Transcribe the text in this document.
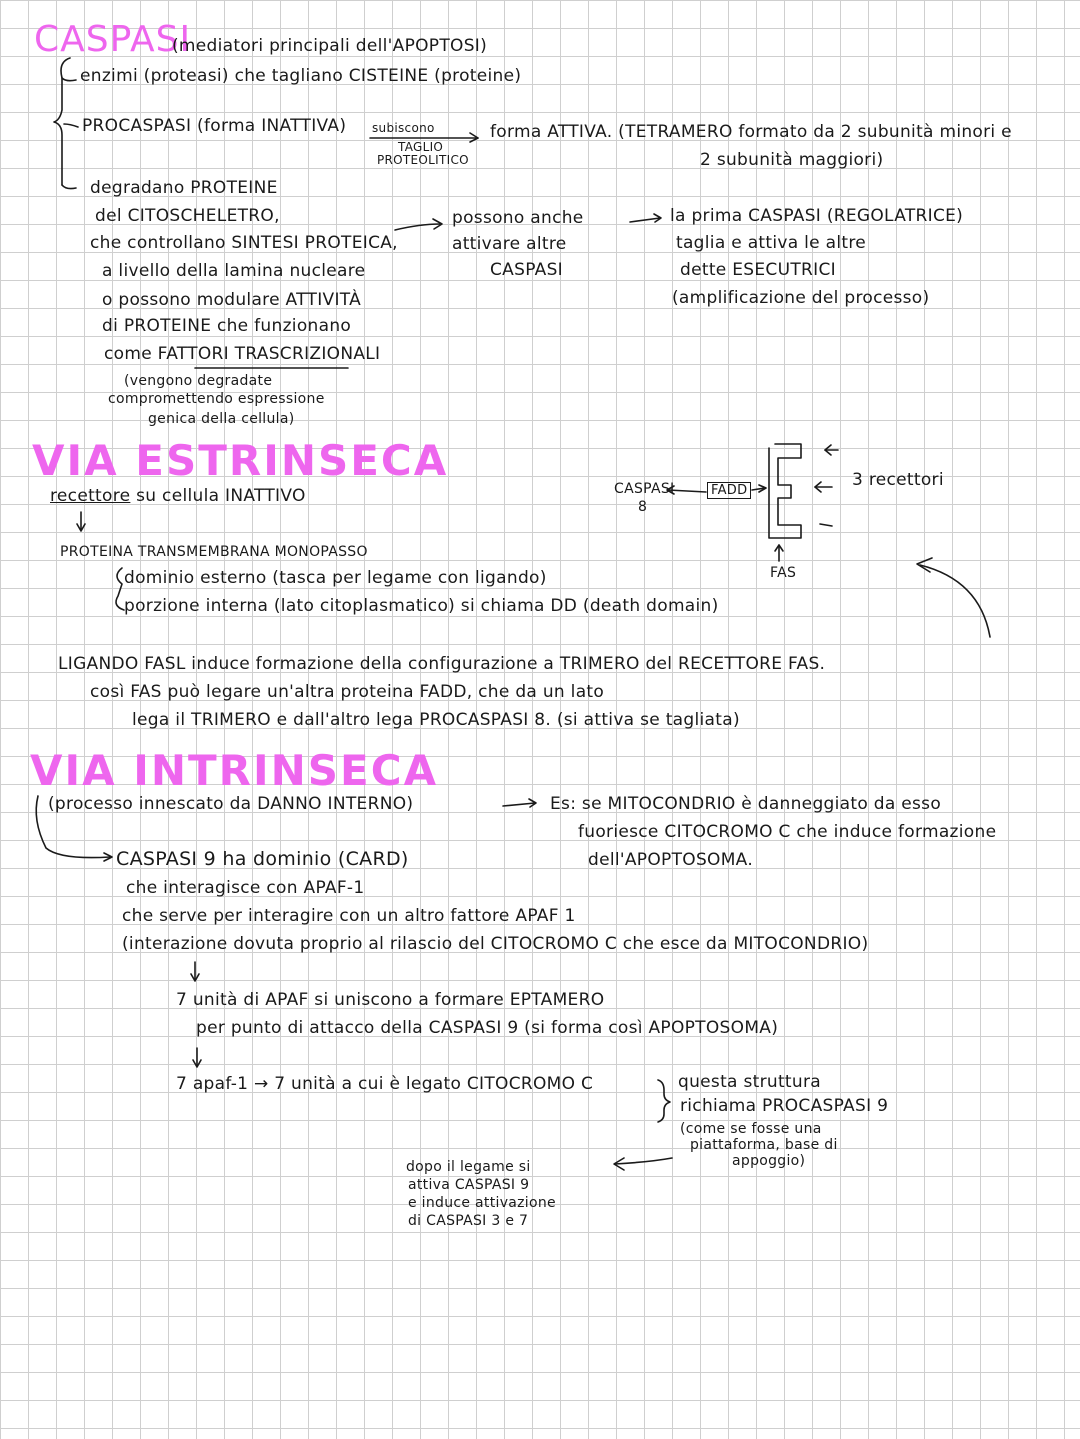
CASPASI
(mediatori principali dell'APOPTOSI)
enzimi (proteasi) che tagliano CISTEINE (proteine)
PROCASPASI (forma INATTIVA) subiscono
TAGLIO
PROTEOLITICO
forma ATTIVA. (TETRAMERO formato da 2 subunità minori e
2 subunità maggiori)
degradano PROTEINE
del CITOSCHELETRO,
che controllano SINTESI PROTEICA,
a livello della lamina nucleare
o possono modulare ATTIVITÀ
di PROTEINE che funzionano
come FATTORI TRASCRIZIONALI
(vengono degradate
compromettendo espressione
genica della cellula)
possono anche
attivare altre
CASPASI
la prima CASPASI (REGOLATRICE)
taglia e attiva le altre
dette ESECUTRICI
(amplificazione del processo)
VIA ESTRINSECA
recettore su cellula INATTIVO
PROTEINA TRANSMEMBRANA MONOPASSO
dominio esterno (tasca per legame con ligando)
porzione interna (lato citoplasmatico) si chiama DD (death domain)
CASPASI
8
FADD
3 recettori
FAS
LIGANDO FASL induce formazione della configurazione a TRIMERO del RECETTORE FAS.
così FAS può legare un'altra proteina FADD, che da un lato
lega il TRIMERO e dall'altro lega PROCASPASI 8. (si attiva se tagliata)
VIA INTRINSECA
(processo innescato da DANNO INTERNO)	Es: se MITOCONDRIO è danneggiato da esso
fuoriesce CITOCROMO C che induce formazione
dell'APOPTOSOMA.
CASPASI 9 ha dominio (CARD)
che interagisce con APAF-1
che serve per interagire con un altro fattore APAF 1
(interazione dovuta proprio al rilascio del CITOCROMO C che esce da MITOCONDRIO)
7 unità di APAF si uniscono a formare EPTAMERO
per punto di attacco della CASPASI 9 (si forma così APOPTOSOMA)
7 apaf-1 → 7 unità a cui è legato CITOCROMO C	questa struttura
richiama PROCASPASI 9
(come se fosse una
piattaforma, base di
appoggio)
dopo il legame si
attiva CASPASI 9
e induce attivazione
di CASPASI 3 e 7
